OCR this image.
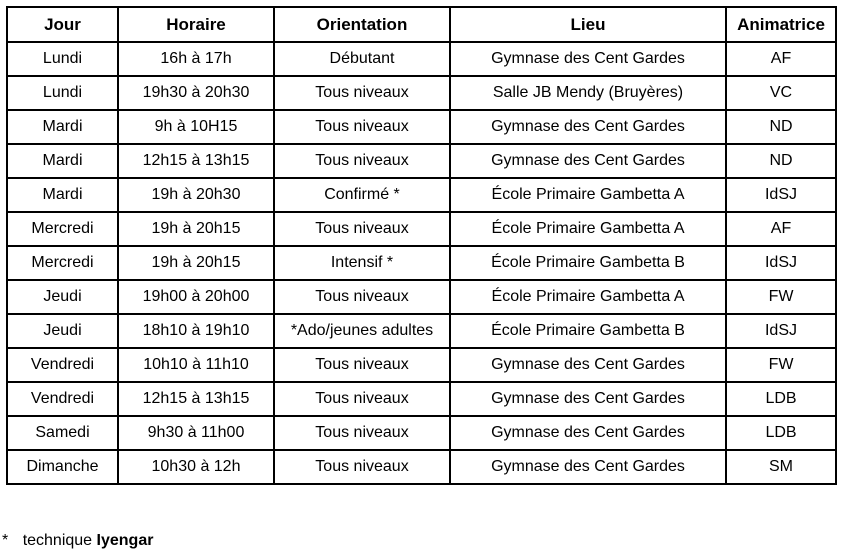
Jour	Horaire	Orientation	Lieu	Animatrice
Lundi	16h à 17h	Débutant	Gymnase des Cent Gardes	AF
Lundi	19h30 à 20h30	Tous niveaux	Salle JB Mendy (Bruyères)	VC
Mardi	9h à 10H15	Tous niveaux	Gymnase des Cent Gardes	ND
Mardi	12h15 à 13h15	Tous niveaux	Gymnase des Cent Gardes	ND
Mardi	19h à 20h30	Confirmé *	École Primaire Gambetta A	IdSJ
Mercredi	19h à 20h15	Tous niveaux	École Primaire Gambetta A	AF
Mercredi	19h à 20h15	Intensif *	École Primaire Gambetta B	IdSJ
Jeudi	19h00 à 20h00	Tous niveaux	École Primaire Gambetta A	FW
Jeudi	18h10 à 19h10	*Ado/jeunes adultes	École Primaire Gambetta B	IdSJ
Vendredi	10h10 à 11h10	Tous niveaux	Gymnase des Cent Gardes	FW
Vendredi	12h15 à 13h15	Tous niveaux	Gymnase des Cent Gardes	LDB
Samedi	9h30 à 11h00	Tous niveaux	Gymnase des Cent Gardes	LDB
Dimanche	10h30 à 12h	Tous niveaux	Gymnase des Cent Gardes	SM
* technique Iyengar
